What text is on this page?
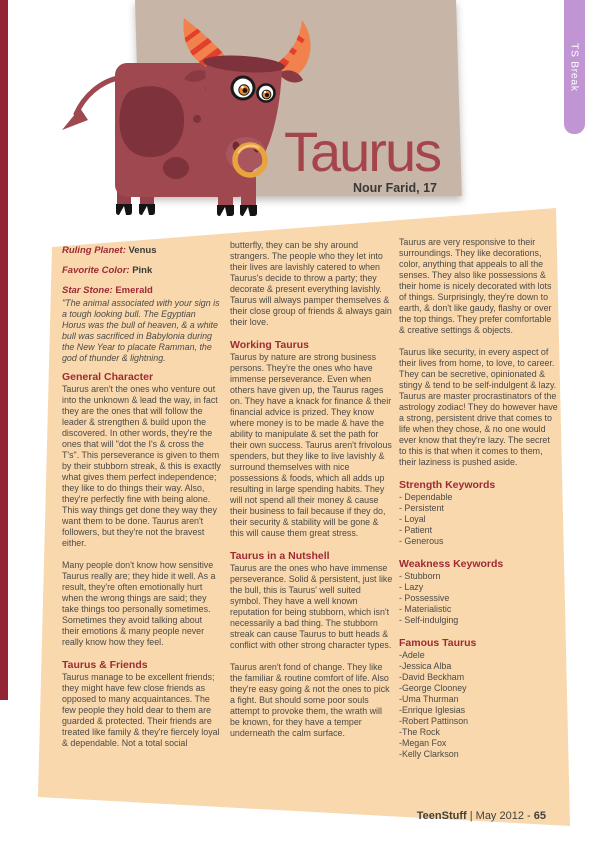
TS Break
Taurus
Nour Farid, 17

Ruling Planet: Venus

Favorite Color: Pink

Star Stone: Emerald

"The animal associated with your sign is a tough looking bull. The Egyptian Horus was the bull of heaven, & a white bull was sacrificed in Babylonia during the New Year to placate Ramman, the god of thunder & lightning.

General Character

Taurus aren't the ones who venture out into the unknown & lead the way, in fact they are the ones that will follow the leader & strengthen & build upon the discovered. In other words, they're the ones that will "dot the I's & cross the T's". This perseverance is given to them by their stubborn streak, & this is exactly what gives them perfect independence; they like to do things their way. Also, they're perfectly fine with being alone. This way things get done they way they want them to be done. Taurus aren't followers, but they're not the bravest either.

Many people don't know how sensitive Taurus really are; they hide it well. As a result, they're often emotionally hurt when the wrong things are said; they take things too personally sometimes. Sometimes they avoid talking about their emotions & many people never really know how they feel.

Taurus & Friends

Taurus manage to be excellent friends; they might have few close friends as opposed to many acquaintances. The few people they hold dear to them are guarded & protected. Their friends are treated like family & they're fiercely loyal & dependable. Not a total social

butterfly, they can be shy around strangers. The people who they let into their lives are lavishly catered to when Taurus's decide to throw a party; they decorate & present everything lavishly. Taurus will always pamper themselves & their close group of friends & always gain their love.

Working Taurus

Taurus by nature are strong business persons. They're the ones who have immense perseverance. Even when others have given up, the Taurus rages on. They have a knack for finance & their financial advice is prized. They know where money is to be made & have the ability to manipulate & set the path for their own success. Taurus aren't frivolous spenders, but they like to live lavishly & surround themselves with nice possessions & foods, which all adds up resulting in large spending habits. They will not spend all their money & cause their business to fail because if they do, their security & stability will be gone & this will cause them great stress.

Taurus in a Nutshell

Taurus are the ones who have immense perseverance. Solid & persistent, just like the bull, this is Taurus' well suited symbol. They have a well known reputation for being stubborn, which isn't necessarily a bad thing. The stubborn streak can cause Taurus to butt heads & conflict with other strong character types.

Taurus aren't fond of change. They like the familiar & routine comfort of life. Also they're easy going & not the ones to pick a fight. But should some poor souls attempt to provoke them, the wrath will be known, for they have a temper underneath the calm surface.

Taurus are very responsive to their surroundings. They like decorations, color, anything that appeals to all the senses. They also like possessions & their home is nicely decorated with lots of things. Surprisingly, they're down to earth, & don't like gaudy, flashy or over the top things. They prefer comfortable & creative settings & objects.

Taurus like security, in every aspect of their lives from home, to love, to career. They can be secretive, opinionated & stingy & tend to be self-indulgent & lazy. Taurus are master procrastinators of the astrology zodiac! They do however have a strong, persistent drive that comes to life when they chose, & no one would ever know that they're lazy. The secret to this is that when it comes to them, their laziness is pushed aside.

Strength Keywords
- Dependable
- Persistent
- Loyal
- Patient
- Generous
Weakness Keywords
- Stubborn
- Lazy
- Possessive
- Materialistic
- Self-indulging
Famous Taurus
-Adele
-Jessica Alba
-David Beckham
-George Clooney
-Uma Thurman
-Enrique Iglesias
-Robert Pattinson
-The Rock
-Megan Fox
-Kelly Clarkson
TeenStuff | May 2012 - 65
